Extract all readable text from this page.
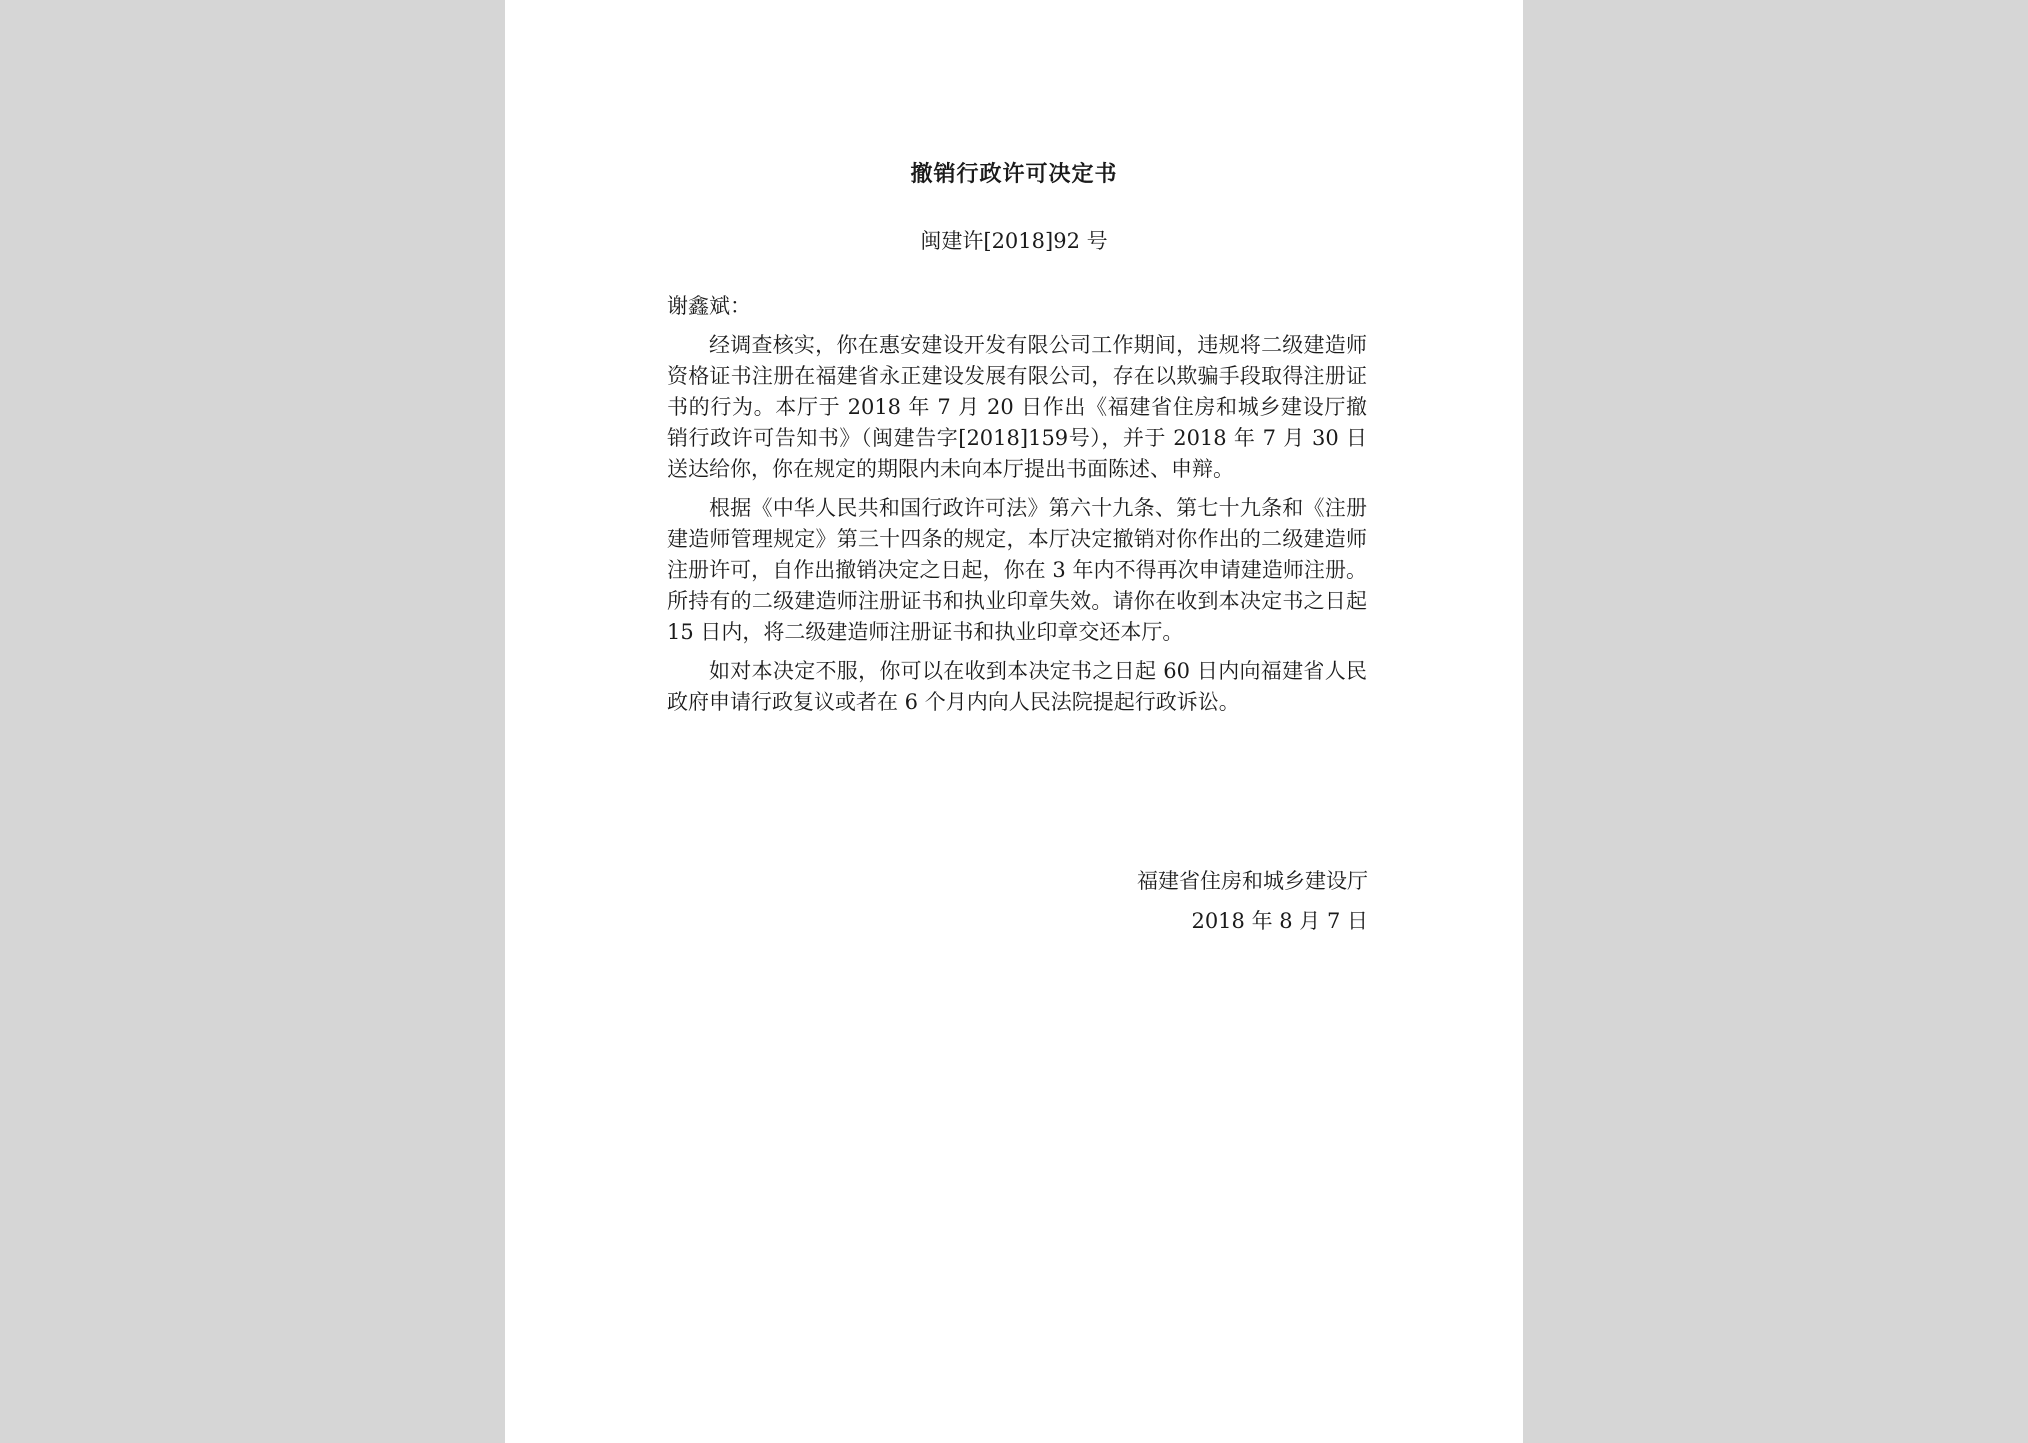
撤销行政许可决定书
闽建许[2018]92 号
谢鑫斌：

经调查核实，你在惠安建设开发有限公司工作期间，违规将二级建造师资格证书注册在福建省永正建设发展有限公司，存在以欺骗手段取得注册证书的行为。本厅于 2018 年 7 月 20 日作出《福建省住房和城乡建设厅撤销行政许可告知书》（闽建告字[2018]159号），并于 2018 年 7 月 30 日送达给你，你在规定的期限内未向本厅提出书面陈述、申辩。

根据《中华人民共和国行政许可法》第六十九条、第七十九条和《注册建造师管理规定》第三十四条的规定，本厅决定撤销对你作出的二级建造师注册许可，自作出撤销决定之日起，你在 3 年内不得再次申请建造师注册。所持有的二级建造师注册证书和执业印章失效。请你在收到本决定书之日起 15 日内，将二级建造师注册证书和执业印章交还本厅。

如对本决定不服，你可以在收到本决定书之日起 60 日内向福建省人民政府申请行政复议或者在 6 个月内向人民法院提起行政诉讼。

福建省住房和城乡建设厅
2018 年 8 月 7 日
